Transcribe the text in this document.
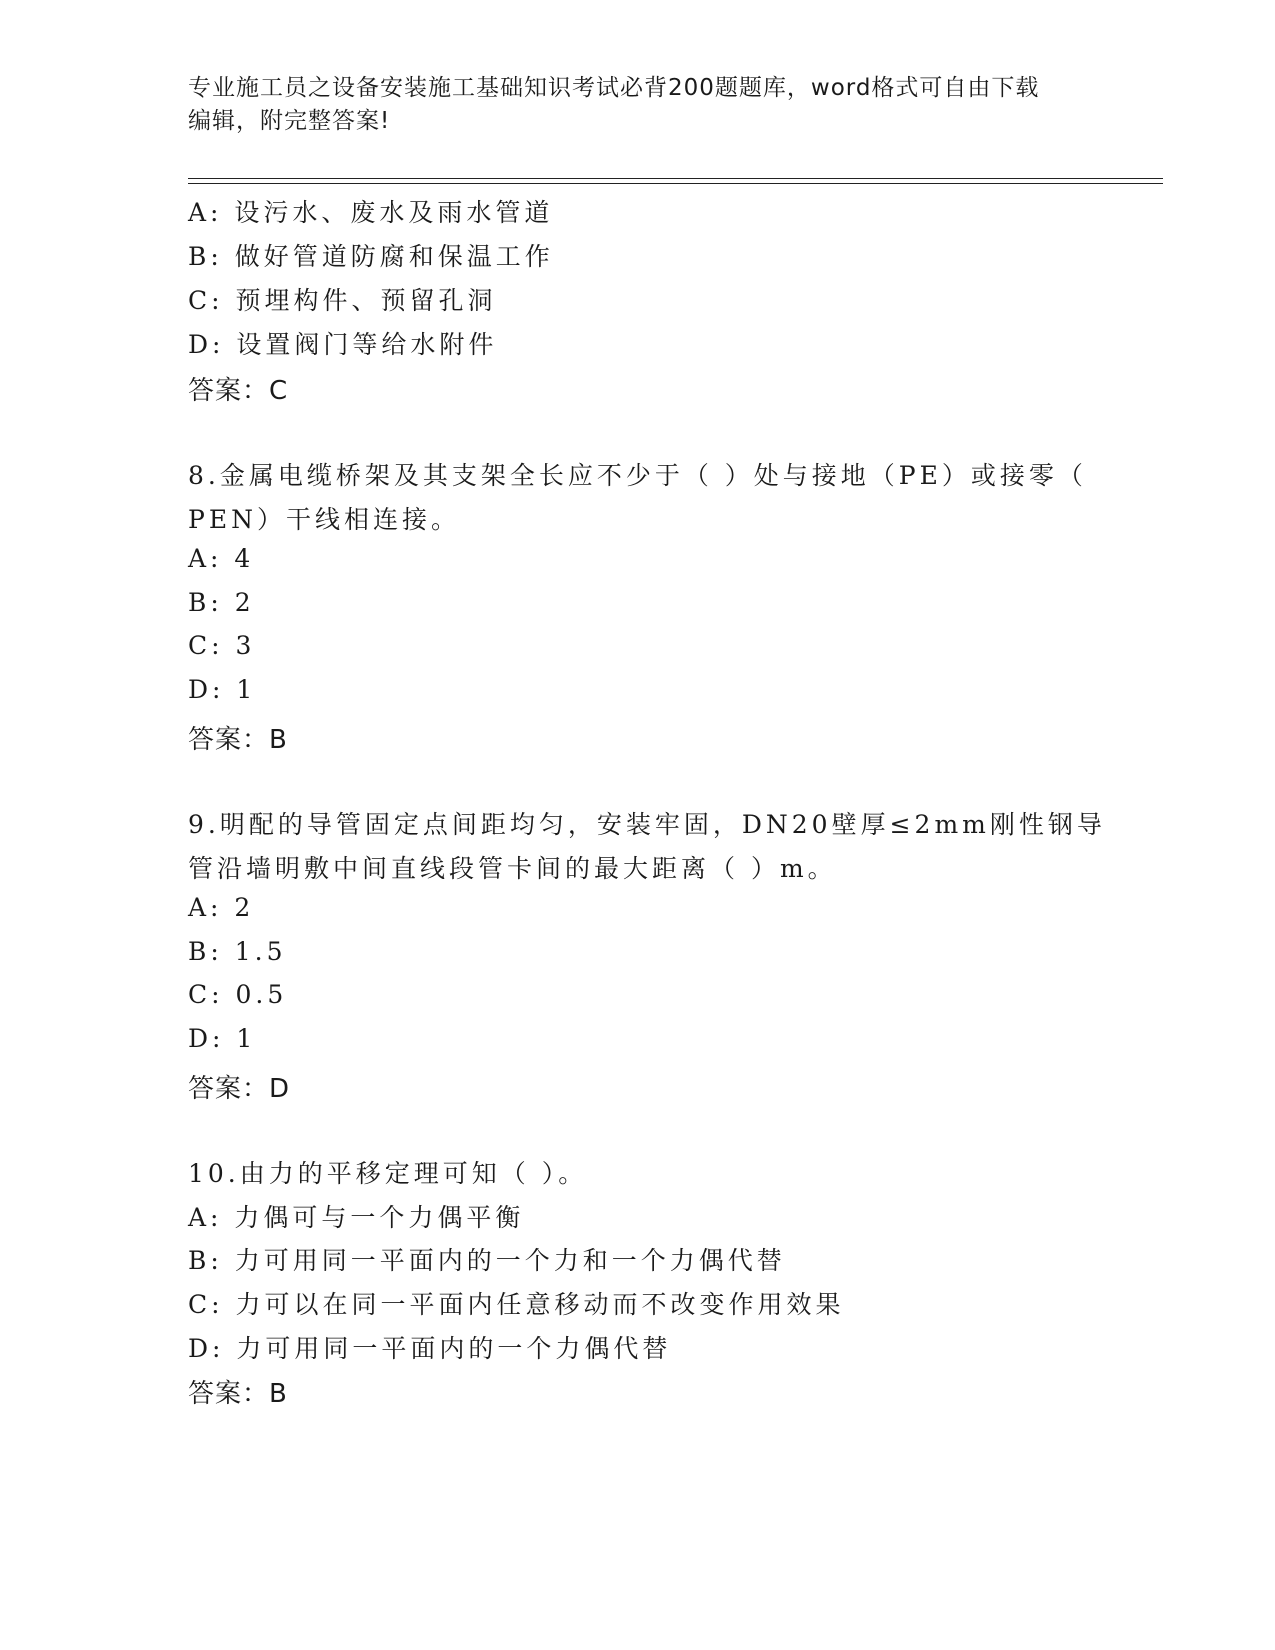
专业施工员之设备安装施工基础知识考试必背200题题库，word格式可自由下载
编辑，附完整答案!
A: 设污水、废水及雨水管道
B: 做好管道防腐和保温工作
C: 预埋构件、预留孔洞
D: 设置阀门等给水附件
答案：C
8.金属电缆桥架及其支架全长应不少于（ ）处与接地（PE）或接零（
PEN）干线相连接。
A: 4
B: 2
C: 3
D: 1
答案：B
9.明配的导管固定点间距均匀，安装牢固，DN20壁厚≤2mm刚性钢导
管沿墙明敷中间直线段管卡间的最大距离（ ）m。
A: 2
B: 1.5
C: 0.5
D: 1
答案：D
10.由力的平移定理可知（ ）。
A: 力偶可与一个力偶平衡
B: 力可用同一平面内的一个力和一个力偶代替
C: 力可以在同一平面内任意移动而不改变作用效果
D: 力可用同一平面内的一个力偶代替
答案：B
